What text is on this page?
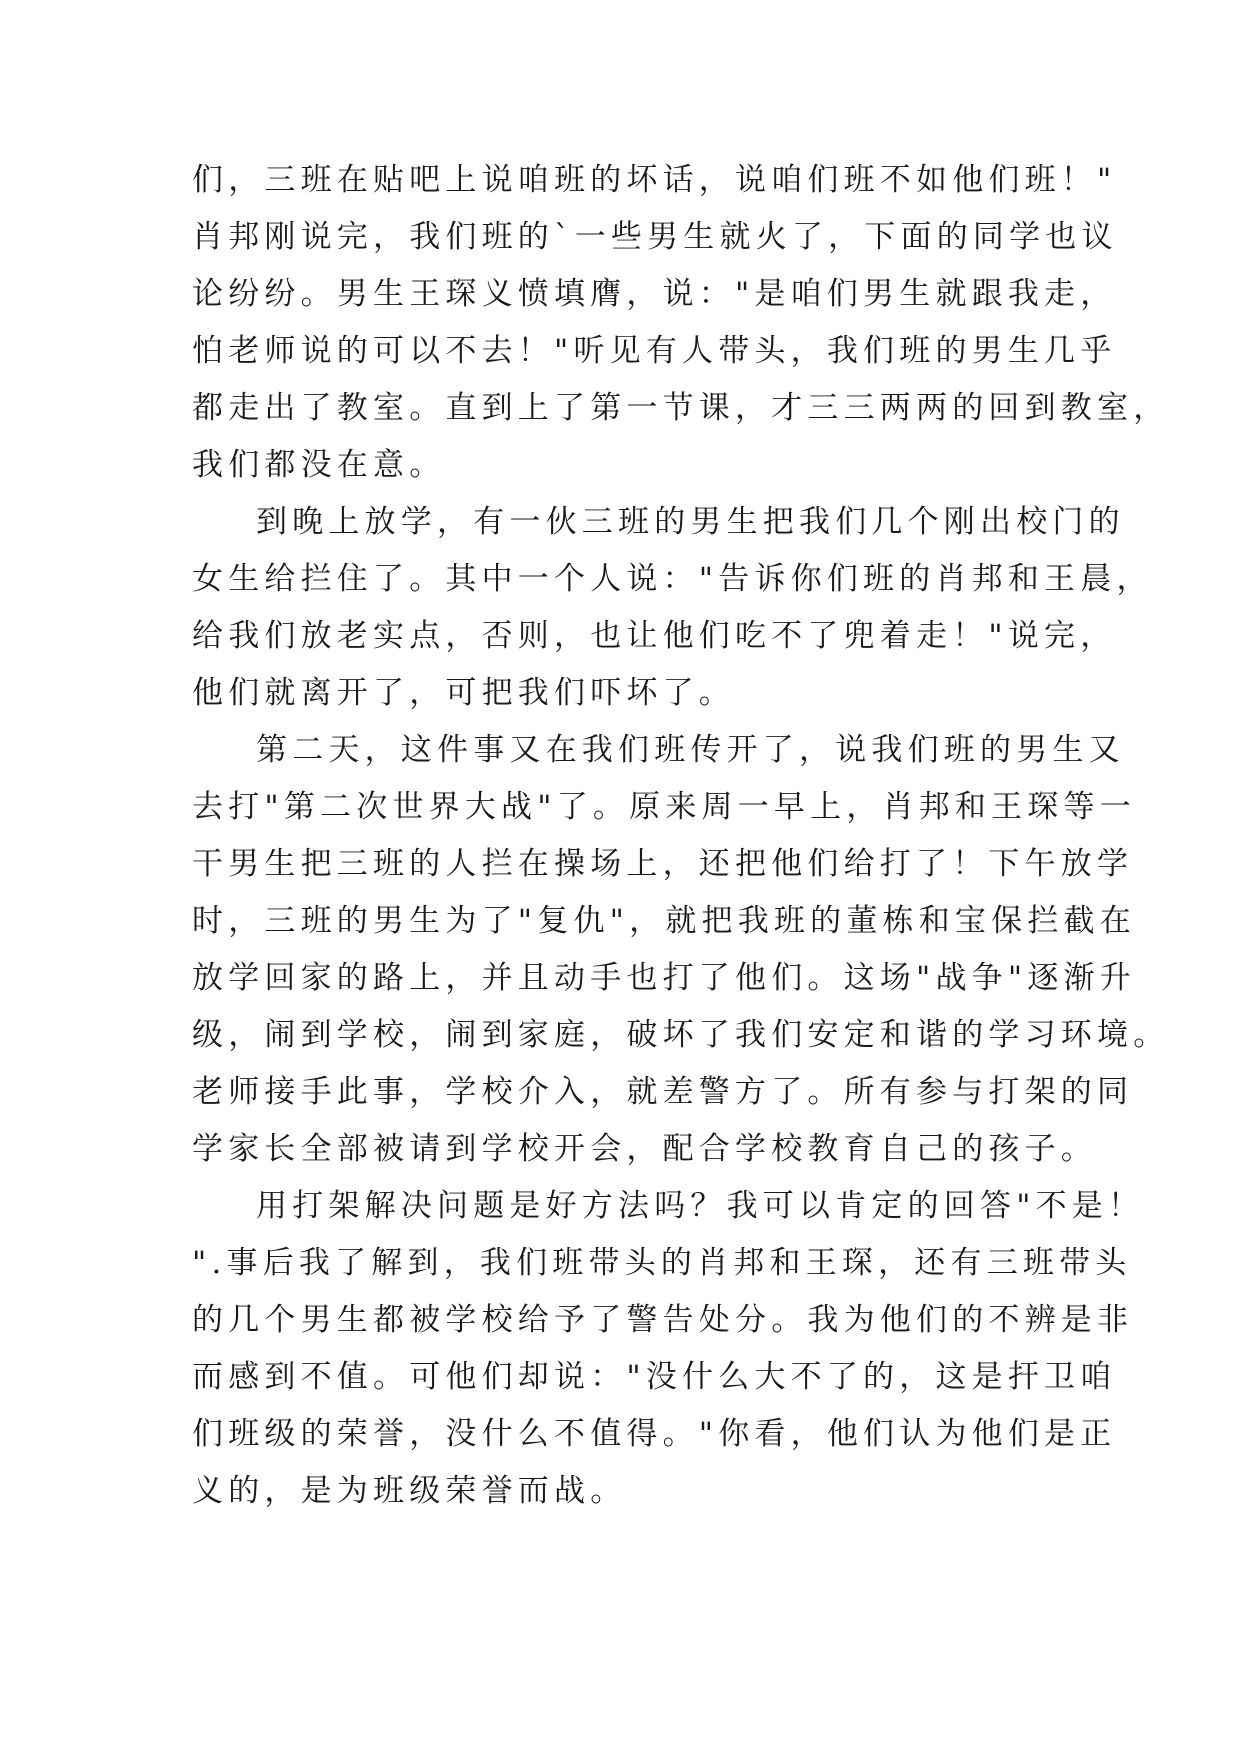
们，三班在贴吧上说咱班的坏话，说咱们班不如他们班！"
肖邦刚说完，我们班的`一些男生就火了，下面的同学也议
论纷纷。男生王琛义愤填膺，说："是咱们男生就跟我走，
怕老师说的可以不去！"听见有人带头，我们班的男生几乎
都走出了教室。直到上了第一节课，才三三两两的回到教室，
我们都没在意。
到晚上放学，有一伙三班的男生把我们几个刚出校门的
女生给拦住了。其中一个人说："告诉你们班的肖邦和王晨，
给我们放老实点，否则，也让他们吃不了兜着走！"说完，
他们就离开了，可把我们吓坏了。
第二天，这件事又在我们班传开了，说我们班的男生又
去打"第二次世界大战"了。原来周一早上，肖邦和王琛等一
干男生把三班的人拦在操场上，还把他们给打了！下午放学
时，三班的男生为了"复仇"，就把我班的董栋和宝保拦截在
放学回家的路上，并且动手也打了他们。这场"战争"逐渐升
级，闹到学校，闹到家庭，破坏了我们安定和谐的学习环境。
老师接手此事，学校介入，就差警方了。所有参与打架的同
学家长全部被请到学校开会，配合学校教育自己的孩子。
用打架解决问题是好方法吗？我可以肯定的回答"不是！
".事后我了解到，我们班带头的肖邦和王琛，还有三班带头
的几个男生都被学校给予了警告处分。我为他们的不辨是非
而感到不值。可他们却说："没什么大不了的，这是扞卫咱
们班级的荣誉，没什么不值得。"你看，他们认为他们是正
义的，是为班级荣誉而战。
